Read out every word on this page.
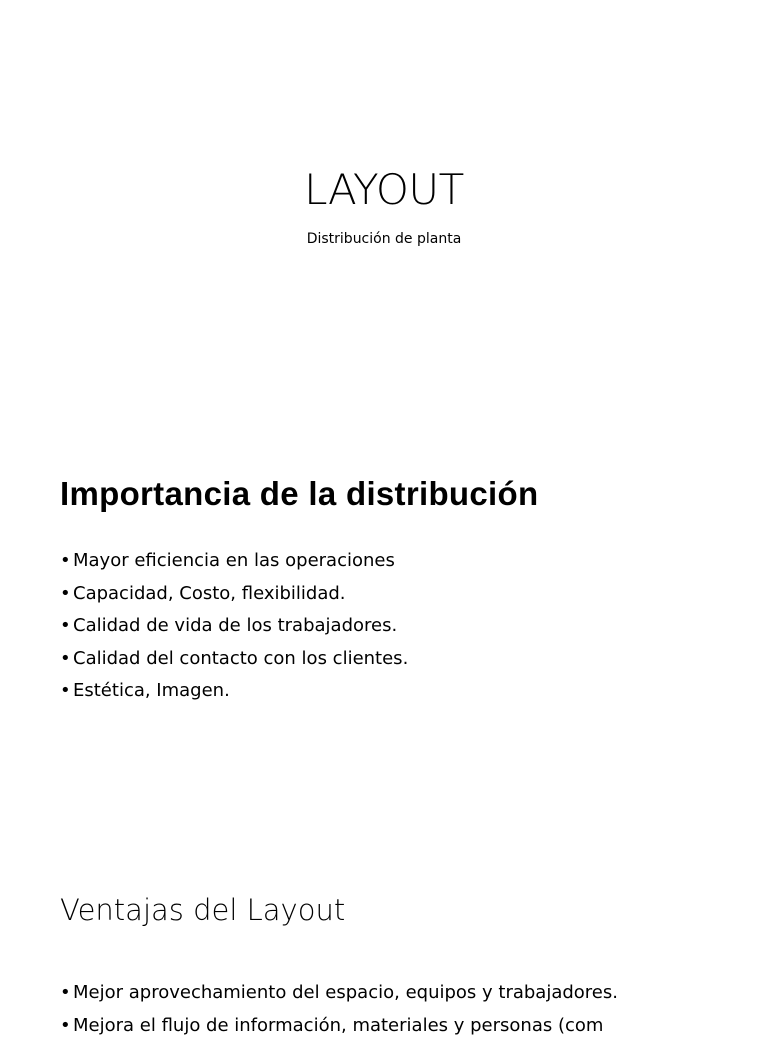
LAYOUT
Distribución de planta
Importancia de la distribución
• Mayor eficiencia en las operaciones
• Capacidad, Costo, flexibilidad.
• Calidad de vida de los trabajadores.
• Calidad del contacto con los clientes.
• Estética, Imagen.
Ventajas del Layout
• Mejor aprovechamiento del espacio, equipos y trabajadores.
• Mejora el flujo de información, materiales y personas (com
